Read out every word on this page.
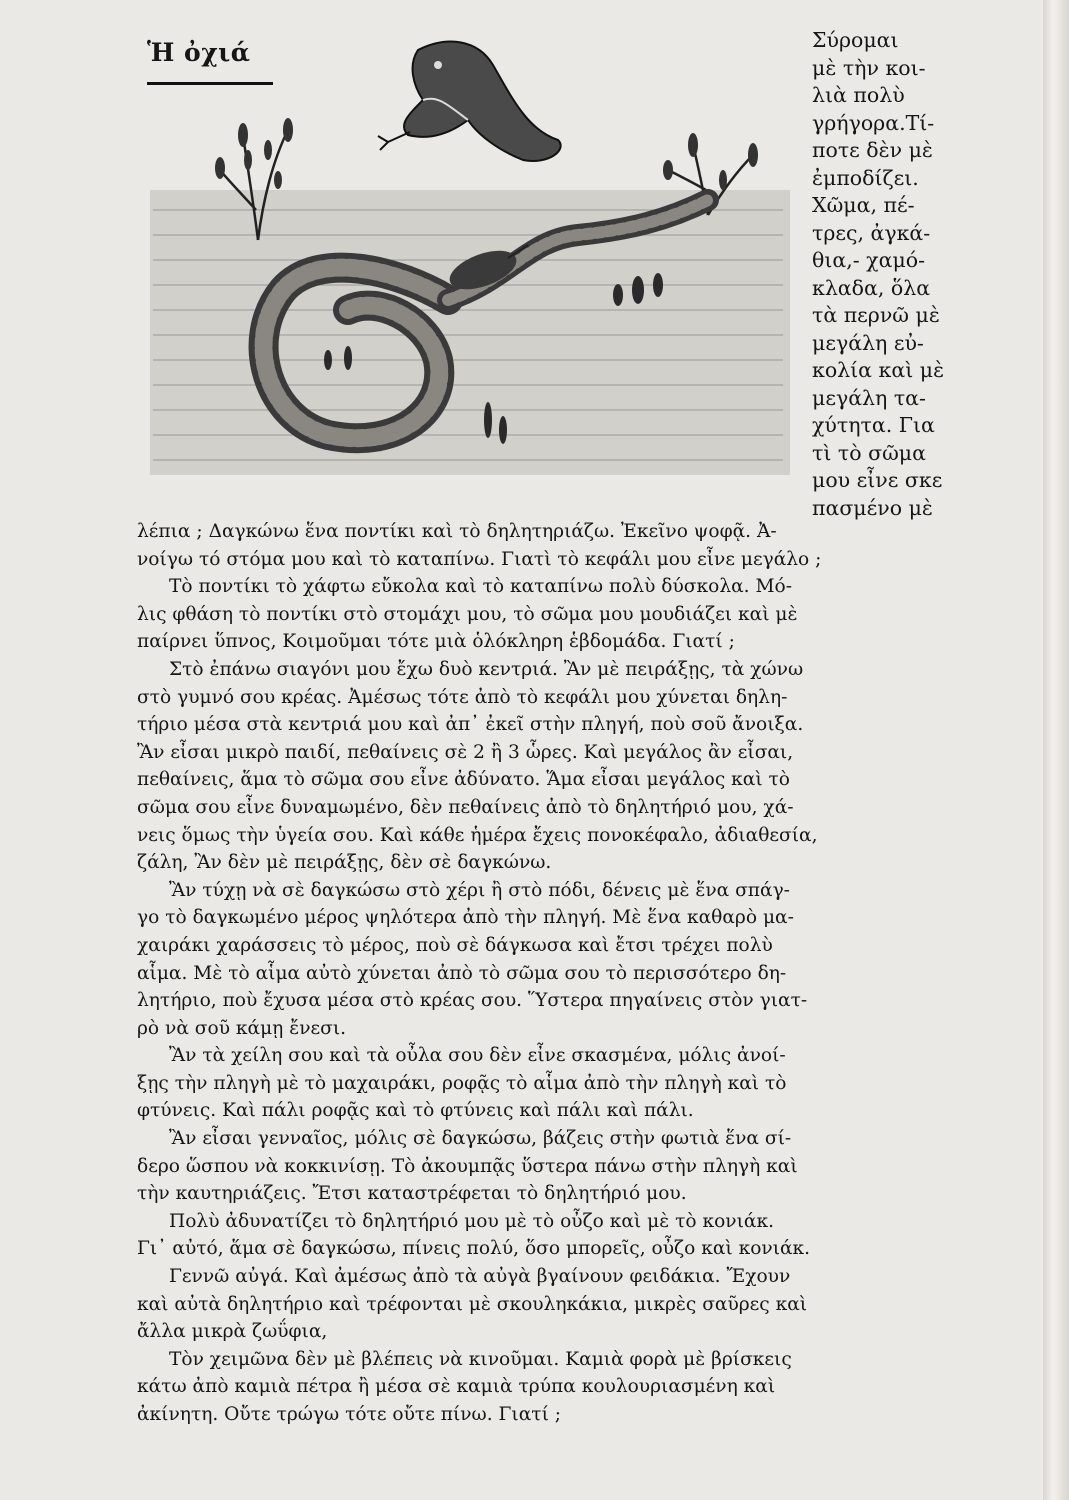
Ἡ ὀχιά	Σύρομαι
μὲ τὴν κοι-
λιὰ πολὺ
γρήγορα.Τί-
ποτε δὲν μὲ
ἐμποδίζει.
Χῶμα, πέ-
τρες, ἀγκά-
θια,- χαμό-
κλαδα, ὅλα
τὰ περνῶ μὲ
μεγάλη εὐ-
κολία καὶ μὲ
μεγάλη τα-
χύτητα. Για
τὶ τὸ σῶμα
μου εἶνε σκε
πασμένο μὲ
λέπια ; Δαγκώνω ἕνα ποντίκι καὶ τὸ δηλητηριάζω. Ἐκεῖνο ψοφᾷ. Ἀ-
νοίγω τό στόμα μου καὶ τὸ καταπίνω. Γιατὶ τὸ κεφάλι μου εἶνε μεγάλο ;
Τὸ ποντίκι τὸ χάφτω εὔκολα καὶ τὸ καταπίνω πολὺ δύσκολα. Μό-
λις φθάση τὸ ποντίκι στὸ στομάχι μου, τὸ σῶμα μου μουδιάζει καὶ μὲ
παίρνει ὕπνος, Κοιμοῦμαι τότε μιὰ ὁλόκληρη ἑβδομάδα. Γιατί ;
Στὸ ἐπάνω σιαγόνι μου ἔχω δυὸ κεντριά. Ἂν μὲ πειράξῃς, τὰ χώνω
στὸ γυμνό σου κρέας. Ἀμέσως τότε ἀπὸ τὸ κεφάλι μου χύνεται δηλη-
τήριο μέσα στὰ κεντριά μου καὶ ἀπ᾿ ἐκεῖ στὴν πληγή, ποὺ σοῦ ἄνοιξα.
Ἂν εἶσαι μικρὸ παιδί, πεθαίνεις σὲ 2 ἢ 3 ὧρες. Καὶ μεγάλος ἂν εἶσαι,
πεθαίνεις, ἅμα τὸ σῶμα σου εἶνε ἀδύνατο. Ἅμα εἶσαι μεγάλος καὶ τὸ
σῶμα σου εἶνε δυναμωμένο, δὲν πεθαίνεις ἀπὸ τὸ δηλητήριό μου, χά-
νεις ὅμως τὴν ὑγεία σου. Καὶ κάθε ἡμέρα ἔχεις πονοκέφαλο, ἀδιαθεσία,
ζάλη, Ἂν δὲν μὲ πειράξῃς, δὲν σὲ δαγκώνω.
Ἂν τύχῃ νὰ σὲ δαγκώσω στὸ χέρι ἢ στὸ πόδι, δένεις μὲ ἕνα σπάγ-
γο τὸ δαγκωμένο μέρος ψηλότερα ἀπὸ τὴν πληγή. Μὲ ἕνα καθαρὸ μα-
χαιράκι χαράσσεις τὸ μέρος, ποὺ σὲ δάγκωσα καὶ ἔτσι τρέχει πολὺ
αἷμα. Μὲ τὸ αἷμα αὐτὸ χύνεται ἀπὸ τὸ σῶμα σου τὸ περισσότερο δη-
λητήριο, ποὺ ἔχυσα μέσα στὸ κρέας σου. Ὕστερα πηγαίνεις στὸν γιατ-
ρὸ νὰ σοῦ κάμῃ ἔνεσι.
Ἂν τὰ χείλη σου καὶ τὰ οὖλα σου δὲν εἶνε σκασμένα, μόλις ἀνοί-
ξῃς τὴν πληγὴ μὲ τὸ μαχαιράκι, ροφᾷς τὸ αἷμα ἀπὸ τὴν πληγὴ καὶ τὸ
φτύνεις. Καὶ πάλι ροφᾷς καὶ τὸ φτύνεις καὶ πάλι καὶ πάλι.
Ἂν εἶσαι γενναῖος, μόλις σὲ δαγκώσω, βάζεις στὴν φωτιὰ ἕνα σί-
δερο ὥσπου νὰ κοκκινίσῃ. Τὸ ἀκουμπᾷς ὕστερα πάνω στὴν πληγὴ καὶ
τὴν καυτηριάζεις. Ἔτσι καταστρέφεται τὸ δηλητήριό μου.
Πολὺ ἀδυνατίζει τὸ δηλητήριό μου μὲ τὸ οὖζο καὶ μὲ τὸ κονιάκ.
Γι᾿ αὐτό, ἅμα σὲ δαγκώσω, πίνεις πολύ, ὅσο μπορεῖς, οὖζο καὶ κονιάκ.
Γεννῶ αὐγά. Καὶ ἀμέσως ἀπὸ τὰ αὐγὰ βγαίνουν φειδάκια. Ἔχουν
καὶ αὐτὰ δηλητήριο καὶ τρέφονται μὲ σκουληκάκια, μικρὲς σαῦρες καὶ
ἄλλα μικρὰ ζωΰφια,
Τὸν χειμῶνα δὲν μὲ βλέπεις νὰ κινοῦμαι. Καμιὰ φορὰ μὲ βρίσκεις
κάτω ἀπὸ καμιὰ πέτρα ἢ μέσα σὲ καμιὰ τρύπα κουλουριασμένη καὶ
ἀκίνητη. Οὔτε τρώγω τότε οὔτε πίνω. Γιατί ;
